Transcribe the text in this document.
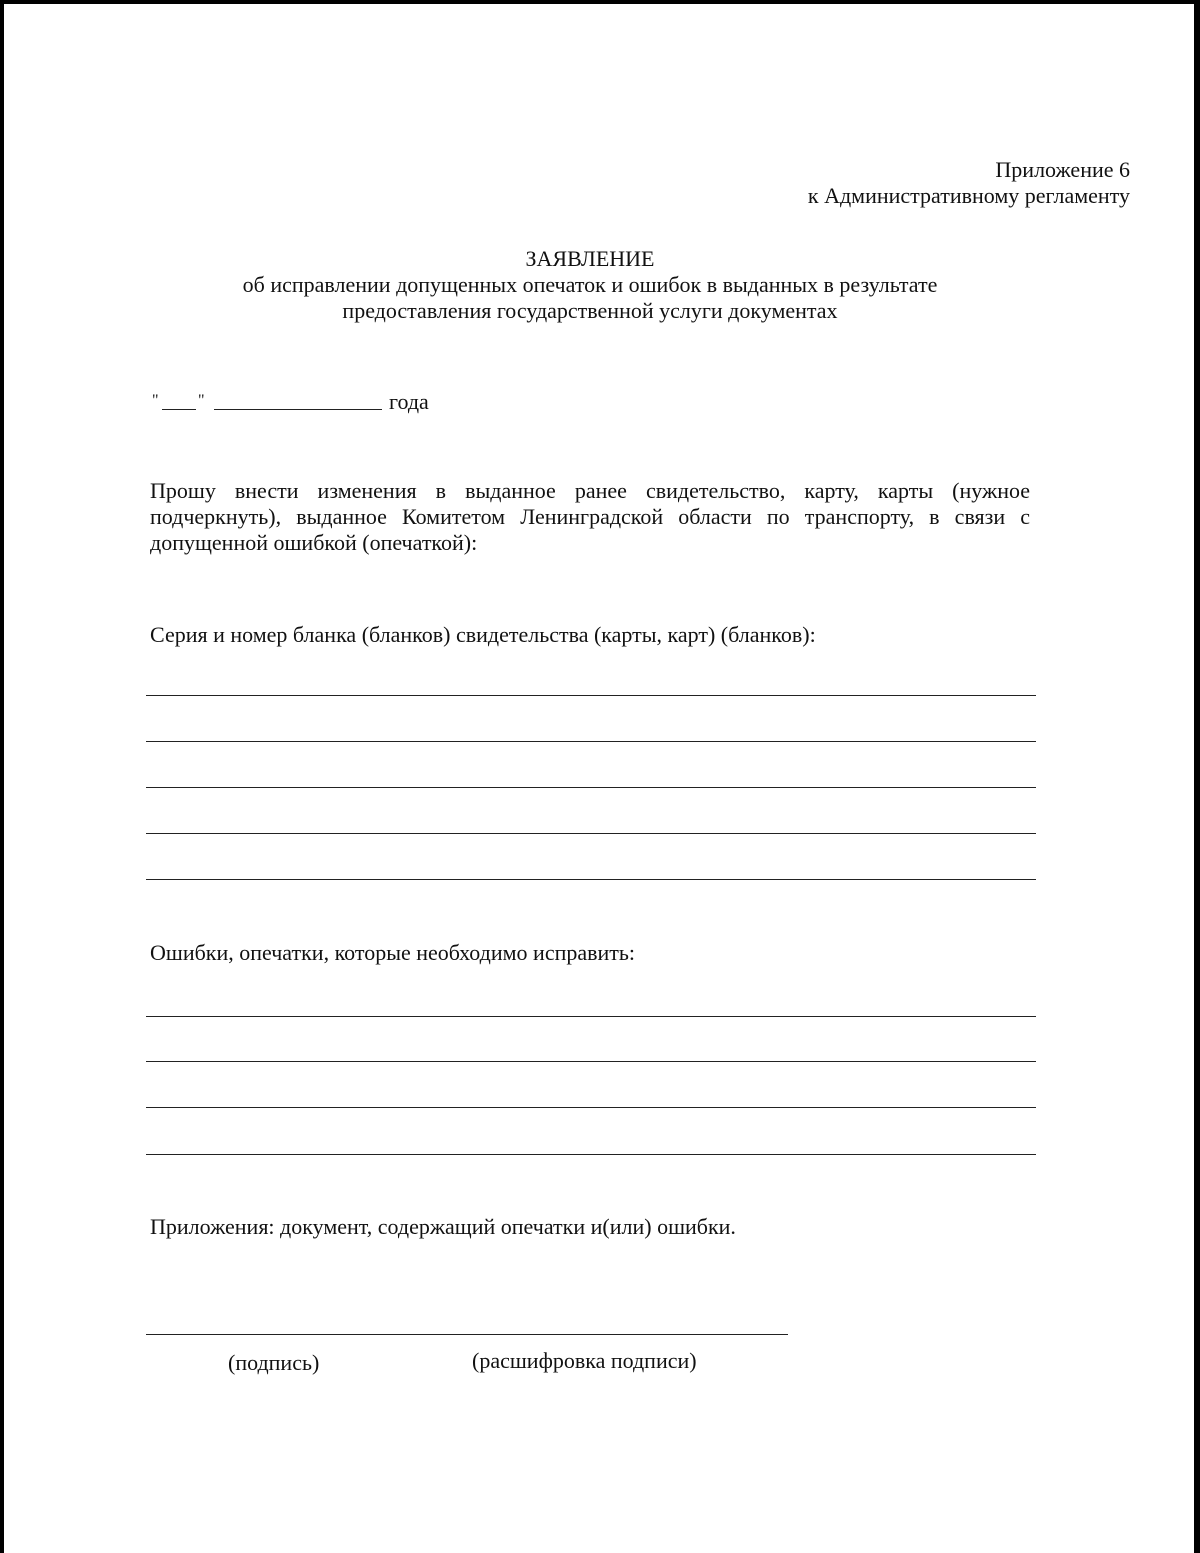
Приложение 6
к Административному регламенту
ЗАЯВЛЕНИЕ
об исправлении допущенных опечаток и ошибок в выданных в результате
предоставления государственной услуги документах
" "	года
Прошу внести изменения в выданное ранее свидетельство, карту, карты (нужное подчеркнуть), выданное Комитетом Ленинградской области по транспорту, в связи с допущенной ошибкой (опечаткой):
Серия и номер бланка (бланков) свидетельства (карты, карт) (бланков):
Ошибки, опечатки, которые необходимо исправить:
Приложения: документ, содержащий опечатки и(или) ошибки.
(подпись)	(расшифровка подписи)
